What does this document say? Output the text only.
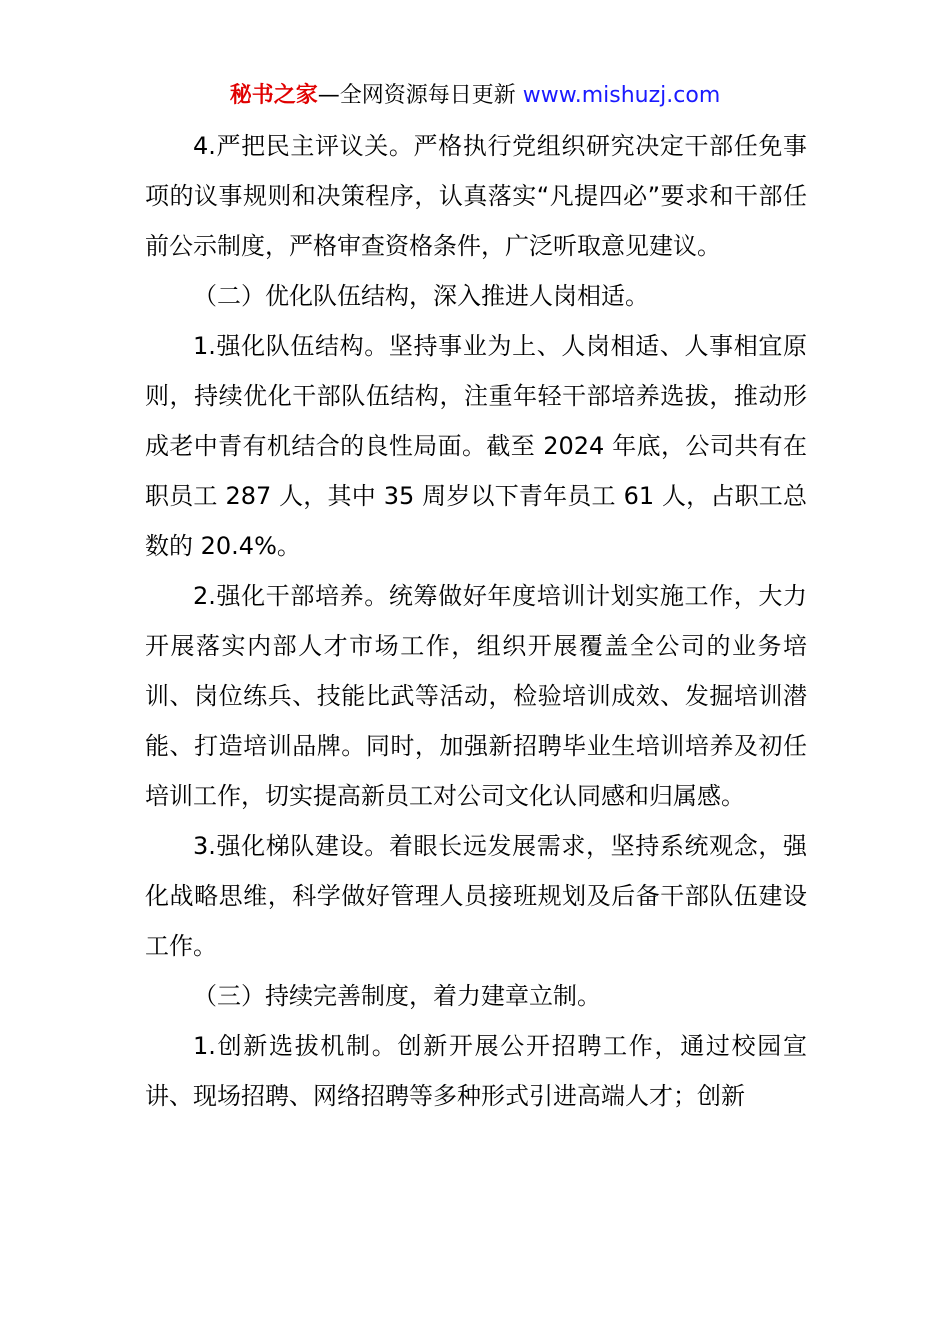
秘书之家—全网资源每日更新 www.mishuzj.com

4.严把民主评议关。严格执行党组织研究决定干部任免事项的议事规则和决策程序，认真落实“凡提四必”要求和干部任前公示制度，严格审查资格条件，广泛听取意见建议。

（二）优化队伍结构，深入推进人岗相适。

1.强化队伍结构。坚持事业为上、人岗相适、人事相宜原则，持续优化干部队伍结构，注重年轻干部培养选拔，推动形成老中青有机结合的良性局面。截至 2024 年底，公司共有在职员工 287 人，其中 35 周岁以下青年员工 61 人，占职工总数的 20.4%。

2.强化干部培养。统筹做好年度培训计划实施工作，大力开展落实内部人才市场工作，组织开展覆盖全公司的业务培训、岗位练兵、技能比武等活动，检验培训成效、发掘培训潜能、打造培训品牌。同时，加强新招聘毕业生培训培养及初任培训工作，切实提高新员工对公司文化认同感和归属感。

3.强化梯队建设。着眼长远发展需求，坚持系统观念，强化战略思维，科学做好管理人员接班规划及后备干部队伍建设工作。

（三）持续完善制度，着力建章立制。

1.创新选拔机制。创新开展公开招聘工作，通过校园宣讲、现场招聘、网络招聘等多种形式引进高端人才；创新
